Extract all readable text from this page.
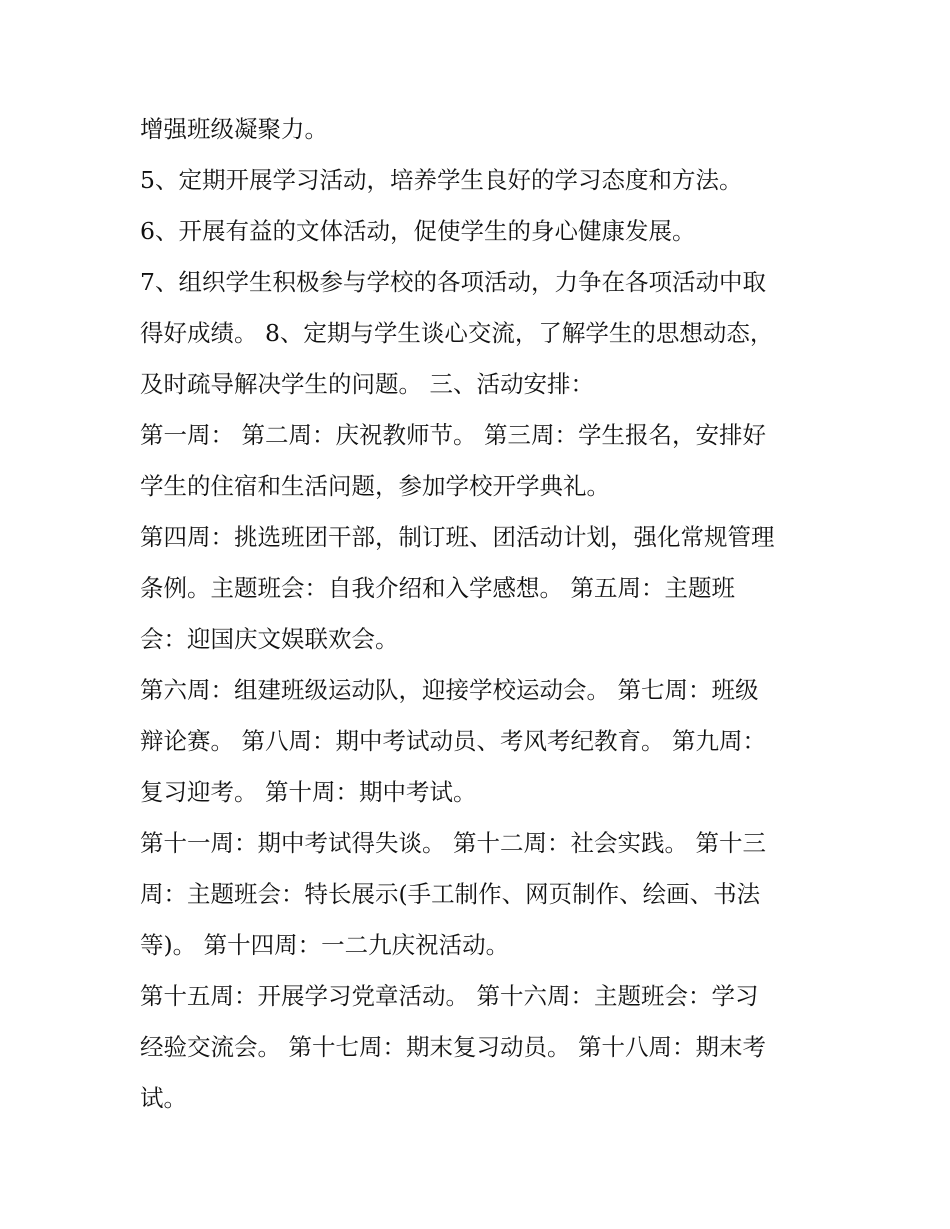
增强班级凝聚力。

5、定期开展学习活动，培养学生良好的学习态度和方法。

6、开展有益的文体活动，促使学生的身心健康发展。

7、组织学生积极参与学校的各项活动，力争在各项活动中取
得好成绩。 8、定期与学生谈心交流，了解学生的思想动态，
及时疏导解决学生的问题。 三、活动安排：

第一周： 第二周：庆祝教师节。 第三周：学生报名，安排好
学生的住宿和生活问题，参加学校开学典礼。

第四周：挑选班团干部，制订班、团活动计划，强化常规管理
条例。主题班会：自我介绍和入学感想。 第五周：主题班
会：迎国庆文娱联欢会。

第六周：组建班级运动队，迎接学校运动会。 第七周：班级
辩论赛。 第八周：期中考试动员、考风考纪教育。 第九周：
复习迎考。 第十周：期中考试。

第十一周：期中考试得失谈。 第十二周：社会实践。 第十三
周：主题班会：特长展示(手工制作、网页制作、绘画、书法
等)。 第十四周：一二九庆祝活动。

第十五周：开展学习党章活动。 第十六周：主题班会：学习
经验交流会。 第十七周：期末复习动员。 第十八周：期末考
试。
